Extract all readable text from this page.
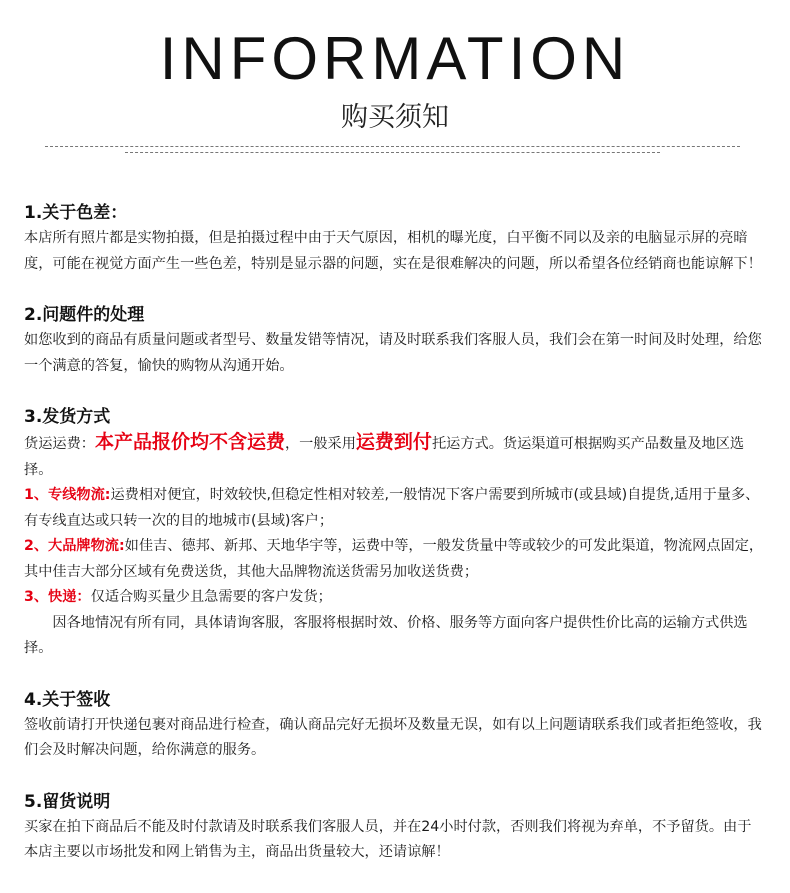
INFORMATION
购买须知
1.关于色差：

本店所有照片都是实物拍摄，但是拍摄过程中由于天气原因，相机的曝光度，白平衡不同以及亲的电脑显示屏的亮暗度，可能在视觉方面产生一些色差，特别是显示器的问题，实在是很难解决的问题，所以希望各位经销商也能谅解下！

2.问题件的处理

如您收到的商品有质量问题或者型号、数量发错等情况，请及时联系我们客服人员，我们会在第一时间及时处理，给您一个满意的答复，愉快的购物从沟通开始。

3.发货方式

货运运费：本产品报价均不含运费，一般采用运费到付托运方式。货运渠道可根据购买产品数量及地区选择。

1、专线物流:运费相对便宜，时效较快,但稳定性相对较差,一般情况下客户需要到所城市(或县域)自提货,适用于量多、有专线直达或只转一次的目的地城市(县域)客户；

2、大品牌物流:如佳吉、德邦、新邦、天地华宇等，运费中等，一般发货量中等或较少的可发此渠道，物流网点固定，其中佳吉大部分区域有免费送货，其他大品牌物流送货需另加收送货费；

3、快递：仅适合购买量少且急需要的客户发货；

因各地情况有所有同，具体请询客服，客服将根据时效、价格、服务等方面向客户提供性价比高的运输方式供选择。

4.关于签收

签收前请打开快递包裹对商品进行检查，确认商品完好无损坏及数量无误，如有以上问题请联系我们或者拒绝签收，我们会及时解决问题，给你满意的服务。

5.留货说明

买家在拍下商品后不能及时付款请及时联系我们客服人员，并在24小时付款，否则我们将视为弃单，不予留货。由于本店主要以市场批发和网上销售为主，商品出货量较大，还请谅解！
